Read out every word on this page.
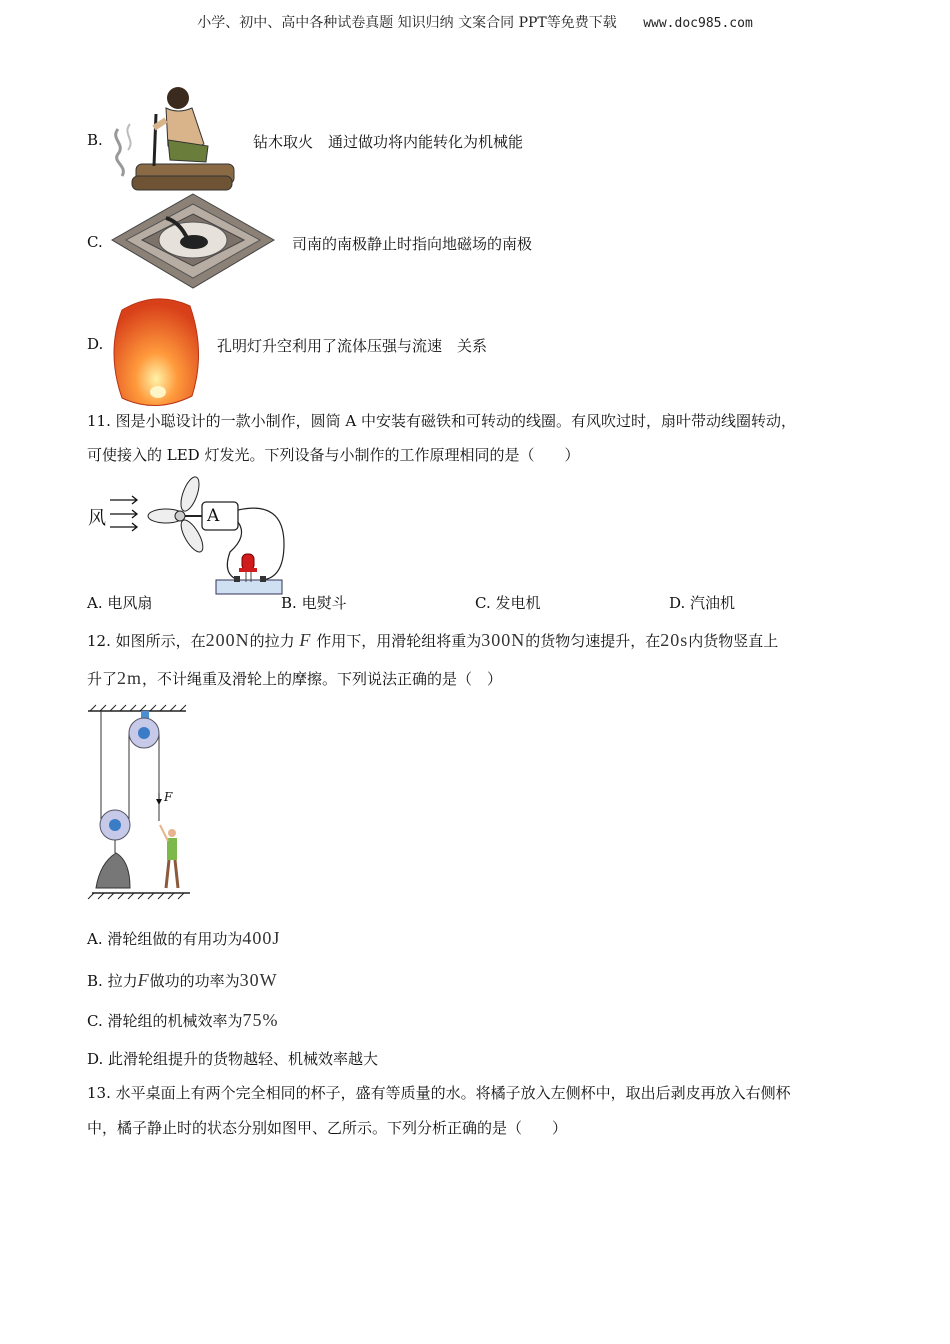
小学、初中、高中各种试卷真题 知识归纳 文案合同 PPT等免费下载 www.doc985.com
B.	钻木取火　通过做功将内能转化为机械能
C.	司南的南极静止时指向地磁场的南极
D.	孔明灯升空利用了流体压强与流速　关系
11. 图是小聪设计的一款小制作，圆筒 A 中安装有磁铁和可转动的线圈。有风吹过时，扇叶带动线圈转动，
可使接入的 LED 灯发光。下列设备与小制作的工作原理相同的是（　　）
风	A
A. 电风扇	B. 电熨斗	C. 发电机	D. 汽油机
12. 如图所示，在200N的拉力 F 作用下，用滑轮组将重为300N的货物匀速提升，在20s内货物竖直上
升了2m，不计绳重及滑轮上的摩擦。下列说法正确的是（　）
F
A. 滑轮组做的有用功为400J
B. 拉力F做功的功率为30W
C. 滑轮组的机械效率为75%
D. 此滑轮组提升的货物越轻、机械效率越大
13. 水平桌面上有两个完全相同的杯子，盛有等质量的水。将橘子放入左侧杯中，取出后剥皮再放入右侧杯
中，橘子静止时的状态分别如图甲、乙所示。下列分析正确的是（　　）
